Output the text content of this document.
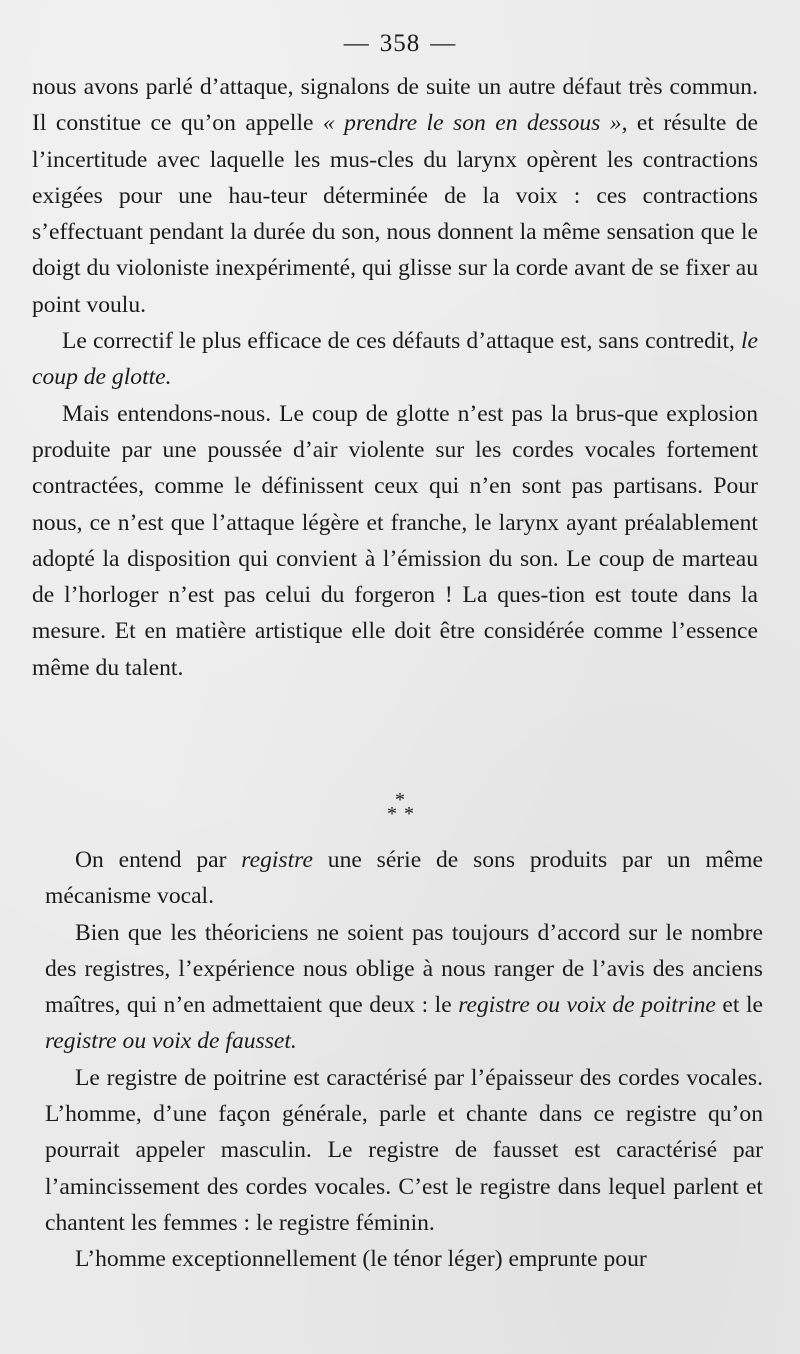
— 358 —

nous avons parlé d’attaque, signalons de suite un autre défaut très commun. Il constitue ce qu’on appelle « prendre le son en dessous », et résulte de l’incertitude avec laquelle les mus-cles du larynx opèrent les contractions exigées pour une hau-teur déterminée de la voix : ces contractions s’effectuant pendant la durée du son, nous donnent la même sensation que le doigt du violoniste inexpérimenté, qui glisse sur la corde avant de se fixer au point voulu.

Le correctif le plus efficace de ces défauts d’attaque est, sans contredit, le coup de glotte.

Mais entendons-nous. Le coup de glotte n’est pas la brus-que explosion produite par une poussée d’air violente sur les cordes vocales fortement contractées, comme le définissent ceux qui n’en sont pas partisans. Pour nous, ce n’est que l’attaque légère et franche, le larynx ayant préalablement adopté la disposition qui convient à l’émission du son. Le coup de marteau de l’horloger n’est pas celui du forgeron ! La ques-tion est toute dans la mesure. Et en matière artistique elle doit être considérée comme l’essence même du talent.

*
* *

On entend par registre une série de sons produits par un même mécanisme vocal.

Bien que les théoriciens ne soient pas toujours d’accord sur le nombre des registres, l’expérience nous oblige à nous ranger de l’avis des anciens maîtres, qui n’en admettaient que deux : le registre ou voix de poitrine et le registre ou voix de fausset.

Le registre de poitrine est caractérisé par l’épaisseur des cordes vocales. L’homme, d’une façon générale, parle et chante dans ce registre qu’on pourrait appeler masculin. Le registre de fausset est caractérisé par l’amincissement des cordes vocales. C’est le registre dans lequel parlent et chantent les femmes : le registre féminin.

L’homme exceptionnellement (le ténor léger) emprunte pour
